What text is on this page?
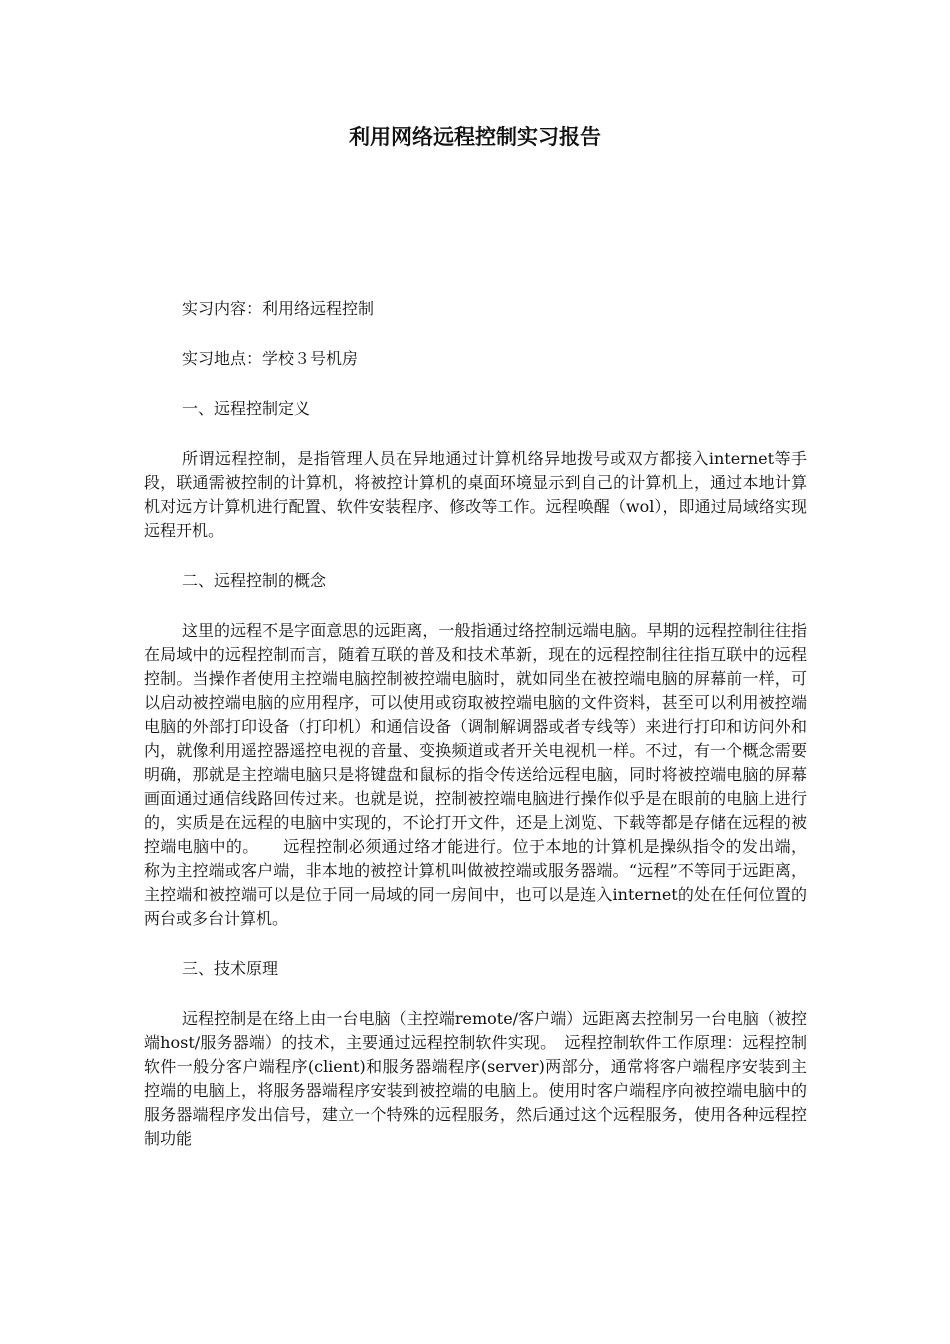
利用网络远程控制实习报告

实习内容：利用络远程控制

实习地点：学校３号机房

一、远程控制定义

所谓远程控制，是指管理人员在异地通过计算机络异地拨号或双方都接入internet等手段，联通需被控制的计算机，将被控计算机的桌面环境显示到自己的计算机上，通过本地计算机对远方计算机进行配置、软件安装程序、修改等工作。远程唤醒（wol），即通过局域络实现远程开机。

二、远程控制的概念

这里的远程不是字面意思的远距离，一般指通过络控制远端电脑。早期的远程控制往往指在局域中的远程控制而言，随着互联的普及和技术革新，现在的远程控制往往指互联中的远程控制。当操作者使用主控端电脑控制被控端电脑时，就如同坐在被控端电脑的屏幕前一样，可以启动被控端电脑的应用程序，可以使用或窃取被控端电脑的文件资料，甚至可以利用被控端电脑的外部打印设备（打印机）和通信设备（调制解调器或者专线等）来进行打印和访问外和内，就像利用遥控器遥控电视的音量、变换频道或者开关电视机一样。不过，有一个概念需要明确，那就是主控端电脑只是将键盘和鼠标的指令传送给远程电脑，同时将被控端电脑的屏幕画面通过通信线路回传过来。也就是说，控制被控端电脑进行操作似乎是在眼前的电脑上进行的，实质是在远程的电脑中实现的，不论打开文件，还是上浏览、下载等都是存储在远程的被控端电脑中的。　　远程控制必须通过络才能进行。位于本地的计算机是操纵指令的发出端，称为主控端或客户端，非本地的被控计算机叫做被控端或服务器端。“远程”不等同于远距离，主控端和被控端可以是位于同一局域的同一房间中，也可以是连入internet的处在任何位置的两台或多台计算机。

三、技术原理

远程控制是在络上由一台电脑（主控端remote/客户端）远距离去控制另一台电脑（被控端host/服务器端）的技术，主要通过远程控制软件实现。　远程控制软件工作原理：远程控制软件一般分客户端程序(client)和服务器端程序(server)两部分，通常将客户端程序安装到主控端的电脑上，将服务器端程序安装到被控端的电脑上。使用时客户端程序向被控端电脑中的服务器端程序发出信号，建立一个特殊的远程服务，然后通过这个远程服务，使用各种远程控制功能
